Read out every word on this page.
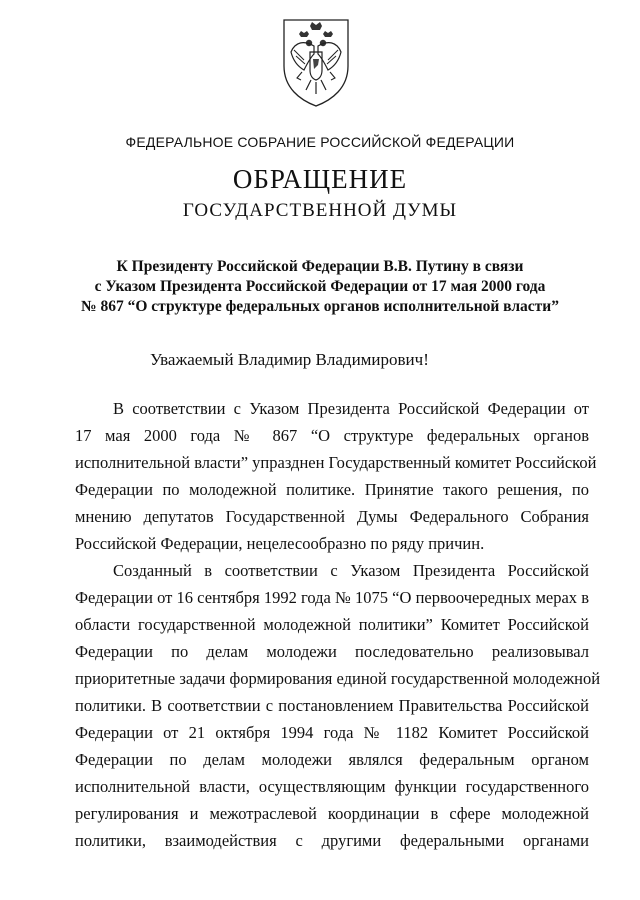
ФЕДЕРАЛЬНОЕ СОБРАНИЕ РОССИЙСКОЙ ФЕДЕРАЦИИ
ОБРАЩЕНИЕ
ГОСУДАРСТВЕННОЙ ДУМЫ
К Президенту Российской Федерации В.В. Путину в связи
с Указом Президента Российской Федерации от 17 мая 2000 года
№ 867 “О структуре федеральных органов исполнительной власти”
Уважаемый Владимир Владимирович!
В соответствии с Указом Президента Российской Федерации от
17 мая 2000 года № 867 “О структуре федеральных органов
исполнительной власти” упразднен Государственный комитет Российской
Федерации по молодежной политике. Принятие такого решения, по
мнению депутатов Государственной Думы Федерального Собрания
Российской Федерации, нецелесообразно по ряду причин.
Созданный в соответствии с Указом Президента Российской
Федерации от 16 сентября 1992 года № 1075 “О первоочередных мерах в
области государственной молодежной политики” Комитет Российской
Федерации по делам молодежи последовательно реализовывал
приоритетные задачи формирования единой государственной молодежной
политики. В соответствии с постановлением Правительства Российской
Федерации от 21 октября 1994 года № 1182 Комитет Российской
Федерации по делам молодежи являлся федеральным органом
исполнительной власти, осуществляющим функции государственного
регулирования и межотраслевой координации в сфере молодежной
политики, взаимодействия с другими федеральными органами
